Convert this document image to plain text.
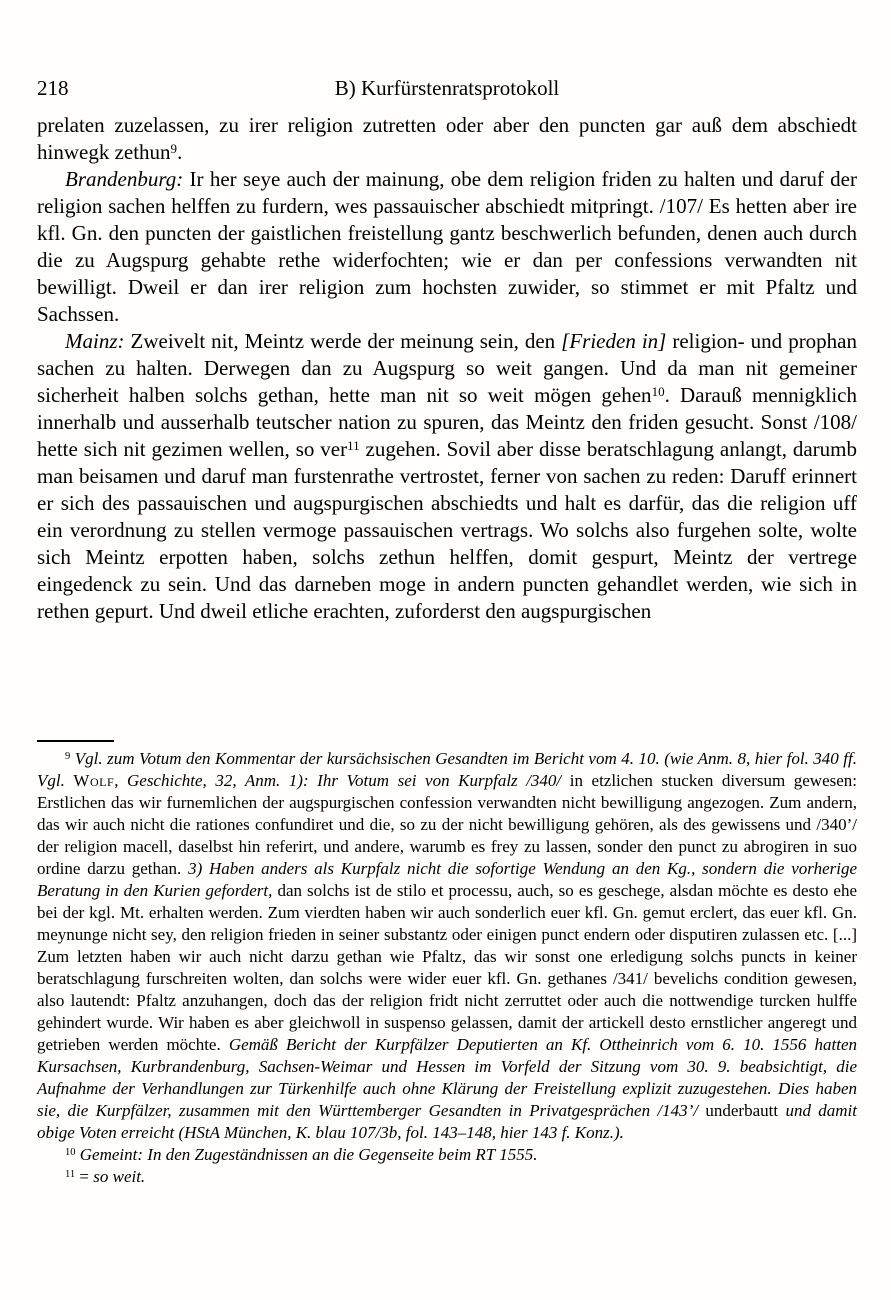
218	B) Kurfürstenratsprotokoll

prelaten zuzelassen, zu irer religion zutretten oder aber den puncten gar auß dem abschiedt hinwegk zethun$^9$.

Brandenburg: Ir her seye auch der mainung, obe dem religion friden zu halten und daruf der religion sachen helffen zu furdern, wes passauischer abschiedt mitpringt. /107/ Es hetten aber ire kfl. Gn. den puncten der gaistlichen freistellung gantz beschwerlich befunden, denen auch durch die zu Augspurg gehabte rethe widerfochten; wie er dan per confessions verwandten nit bewilligt. Dweil er dan irer religion zum hochsten zuwider, so stimmet er mit Pfaltz und Sachssen.

Mainz: Zweivelt nit, Meintz werde der meinung sein, den [Frieden in] religion- und prophan sachen zu halten. Derwegen dan zu Augspurg so weit gangen. Und da man nit gemeiner sicherheit halben solchs gethan, hette man nit so weit mögen gehen$^{10}$. Darauß mennigklich innerhalb und ausserhalb teutscher nation zu spuren, das Meintz den friden gesucht. Sonst /108/ hette sich nit gezimen wellen, so ver$^{11}$ zugehen. Sovil aber disse beratschlagung anlangt, darumb man beisamen und daruf man furstenrathe vertrostet, ferner von sachen zu reden: Daruff erinnert er sich des passauischen und augspurgischen abschiedts und halt es darfür, das die religion uff ein verordnung zu stellen vermoge passauischen vertrags. Wo solchs also furgehen solte, wolte sich Meintz erpotten haben, solchs zethun helffen, domit gespurt, Meintz der vertrege eingedenck zu sein. Und das darneben moge in andern puncten gehandlet werden, wie sich in rethen gepurt. Und dweil etliche erachten, zuforderst den augspurgischen

$^9$ Vgl. zum Votum den Kommentar der kursächsischen Gesandten im Bericht vom 4. 10. (wie Anm. 8, hier fol. 340 ff. Vgl. Wolf, Geschichte, 32, Anm. 1): Ihr Votum sei von Kurpfalz /340/ in etzlichen stucken diversum gewesen: Erstlichen das wir furnemlichen der augspurgischen confession verwandten nicht bewilligung angezogen. Zum andern, das wir auch nicht die rationes confundiret und die, so zu der nicht bewilligung gehören, als des gewissens und /340’/ der religion macell, daselbst hin referirt, und andere, warumb es frey zu lassen, sonder den punct zu abrogiren in suo ordine darzu gethan. 3) Haben anders als Kurpfalz nicht die sofortige Wendung an den Kg., sondern die vorherige Beratung in den Kurien gefordert, dan solchs ist de stilo et processu, auch, so es geschege, alsdan möchte es desto ehe bei der kgl. Mt. erhalten werden. Zum vierdten haben wir auch sonderlich euer kfl. Gn. gemut erclert, das euer kfl. Gn. meynunge nicht sey, den religion frieden in seiner substantz oder einigen punct endern oder disputiren zulassen etc. [...] Zum letzten haben wir auch nicht darzu gethan wie Pfaltz, das wir sonst one erledigung solchs puncts in keiner beratschlagung furschreiten wolten, dan solchs were wider euer kfl. Gn. gethanes /341/ bevelichs condition gewesen, also lautendt: Pfaltz anzuhangen, doch das der religion fridt nicht zerruttet oder auch die nottwendige turcken hulffe gehindert wurde. Wir haben es aber gleichwoll in suspenso gelassen, damit der artickell desto ernstlicher angeregt und getrieben werden möchte. Gemäß Bericht der Kurpfälzer Deputierten an Kf. Ottheinrich vom 6. 10. 1556 hatten Kursachsen, Kurbrandenburg, Sachsen-Weimar und Hessen im Vorfeld der Sitzung vom 30. 9. beabsichtigt, die Aufnahme der Verhandlungen zur Türkenhilfe auch ohne Klärung der Freistellung explizit zuzugestehen. Dies haben sie, die Kurpfälzer, zusammen mit den Württemberger Gesandten in Privatgesprächen /143’/ underbautt und damit obige Voten erreicht (HStA München, K. blau 107/3b, fol. 143–148, hier 143 f. Konz.).

$^{10}$ Gemeint: In den Zugeständnissen an die Gegenseite beim RT 1555.

$^{11}$ = so weit.
